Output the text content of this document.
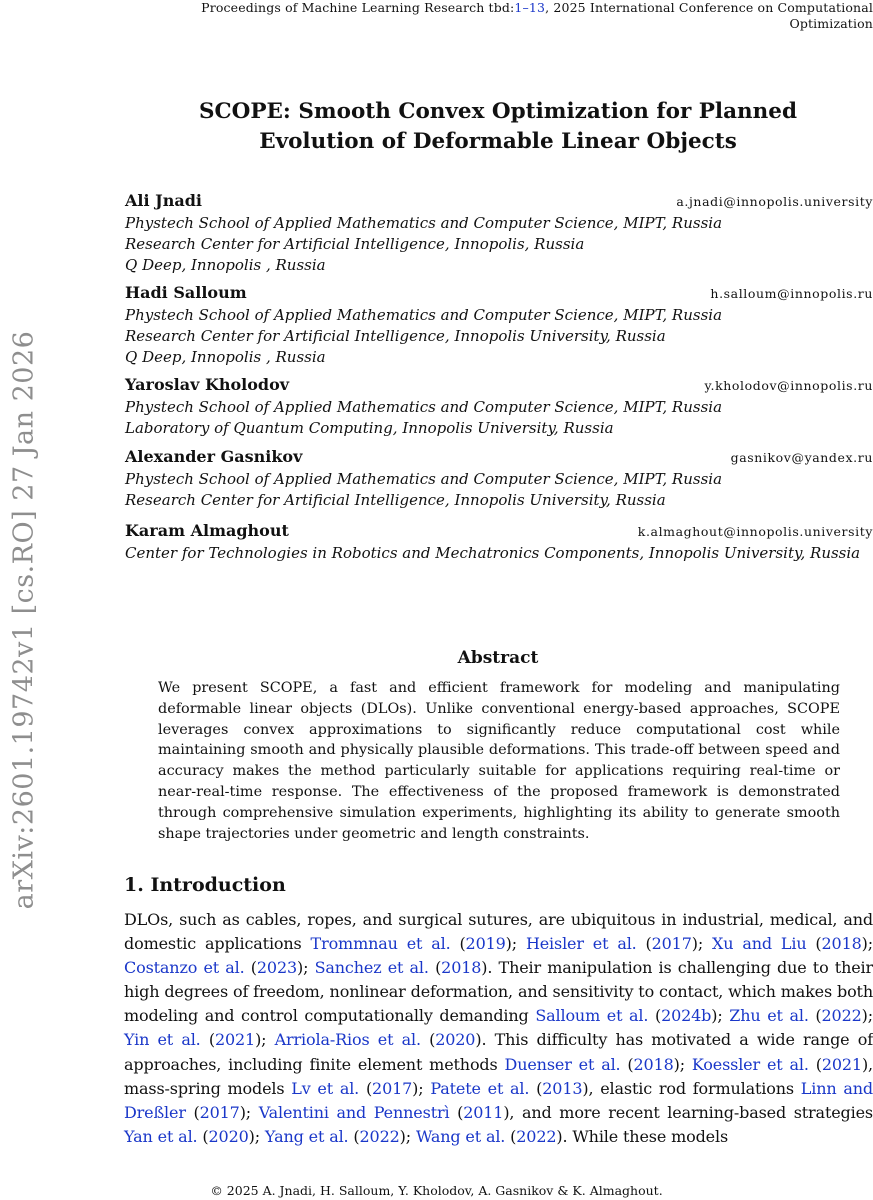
Proceedings of Machine Learning Research tbd:1–13, 2025 International Conference on Computational Optimization
arXiv:2601.19742v1 [cs.RO] 27 Jan 2026
SCOPE: Smooth Convex Optimization for Planned
Evolution of Deformable Linear Objects
Ali Jnadi	a.jnadi@innopolis.university
Phystech School of Applied Mathematics and Computer Science, MIPT, Russia
Research Center for Artificial Intelligence, Innopolis, Russia
Q Deep, Innopolis , Russia
Hadi Salloum	h.salloum@innopolis.ru
Phystech School of Applied Mathematics and Computer Science, MIPT, Russia
Research Center for Artificial Intelligence, Innopolis University, Russia
Q Deep, Innopolis , Russia
Yaroslav Kholodov	y.kholodov@innopolis.ru
Phystech School of Applied Mathematics and Computer Science, MIPT, Russia
Laboratory of Quantum Computing, Innopolis University, Russia
Alexander Gasnikov	gasnikov@yandex.ru
Phystech School of Applied Mathematics and Computer Science, MIPT, Russia
Research Center for Artificial Intelligence, Innopolis University, Russia
Karam Almaghout	k.almaghout@innopolis.university
Center for Technologies in Robotics and Mechatronics Components, Innopolis University, Russia
Abstract
We present SCOPE, a fast and efficient framework for modeling and manipulating deformable linear objects (DLOs). Unlike conventional energy-based approaches, SCOPE leverages convex approximations to significantly reduce computational cost while maintaining smooth and physically plausible deformations. This trade-off between speed and accuracy makes the method particularly suitable for applications requiring real-time or near-real-time response. The effectiveness of the proposed framework is demonstrated through comprehensive simulation experiments, highlighting its ability to generate smooth shape trajectories under geometric and length constraints.
1. Introduction
DLOs, such as cables, ropes, and surgical sutures, are ubiquitous in industrial, medical, and domestic applications Trommnau et al. (2019); Heisler et al. (2017); Xu and Liu (2018); Costanzo et al. (2023); Sanchez et al. (2018). Their manipulation is challenging due to their high degrees of freedom, nonlinear deformation, and sensitivity to contact, which makes both modeling and control computationally demanding Salloum et al. (2024b); Zhu et al. (2022); Yin et al. (2021); Arriola-Rios et al. (2020). This difficulty has motivated a wide range of approaches, including finite element methods Duenser et al. (2018); Koessler et al. (2021), mass-spring models Lv et al. (2017); Patete et al. (2013), elastic rod formulations Linn and Dreßler (2017); Valentini and Pennestrì (2011), and more recent learning-based strategies Yan et al. (2020); Yang et al. (2022); Wang et al. (2022). While these models
© 2025 A. Jnadi, H. Salloum, Y. Kholodov, A. Gasnikov & K. Almaghout.
